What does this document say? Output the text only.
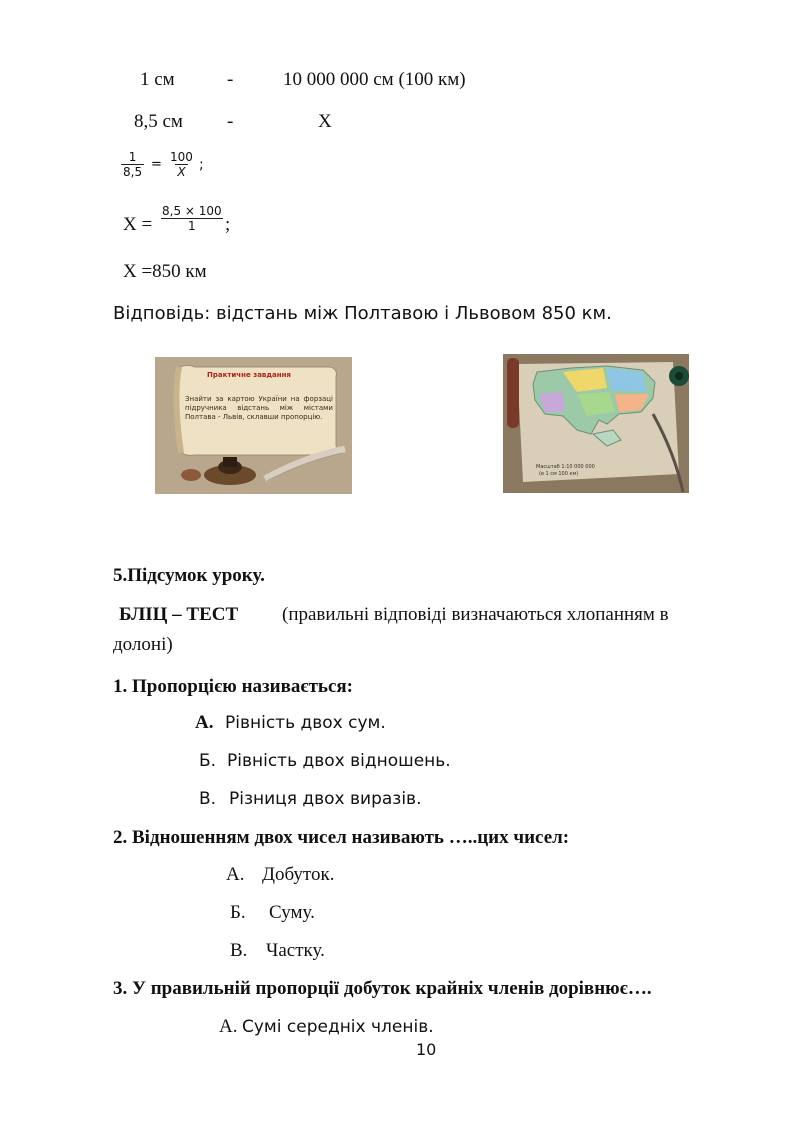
1 см	-	10 000 000 см (100 км)
8,5 см -	X
$\frac{1}{8,5} = \frac{100}{X}$ ;
$X = \frac{8,5 \times 100}{1}$ ;
X =850 км
Відповідь: відстань між Полтавою і Львовом 850 км.
Практичне завдання
Знайти за картою України на форзаці підручника відстань між містами Полтава - Львів, склавши пропорцію.
Масштаб 1:10 000 000
(в 1 см 100 км)
5.Підсумок уроку.
БЛІЦ – ТЕСТ (правильні відповіді визначаються хлопанням в
долоні)
1. Пропорцією називається:
А. Рівність двох сум.
Б. Рівність двох відношень.
В. Різниця двох виразів.
2. Відношенням двох чисел називають …..цих чисел:
А. Добуток.
Б. Суму.
В. Частку.
3. У правильній пропорції добуток крайніх членів дорівнює….
А. Сумі середніх членів.
10
